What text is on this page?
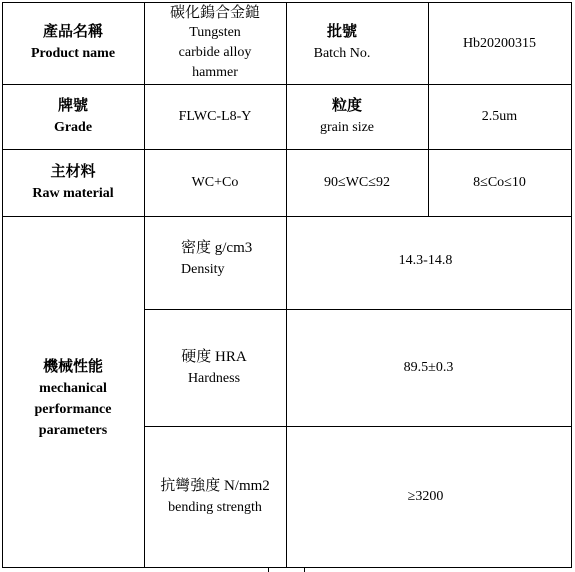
產品名稱
Product name
碳化鎢合金鎚
Tungsten
carbide alloy
hammer
批號
Batch No.
Hb20200315
牌號
Grade
FLWC-L8-Y
粒度
grain size
2.5um
主材料
Raw material
WC+Co	90≤WC≤92	8≤Co≤10
機械性能
mechanical
performance
parameters
密度 g/cm3
Density
14.3-14.8
硬度 HRA
Hardness
89.5±0.3
抗彎強度 N/mm2
bending strength
≥3200
